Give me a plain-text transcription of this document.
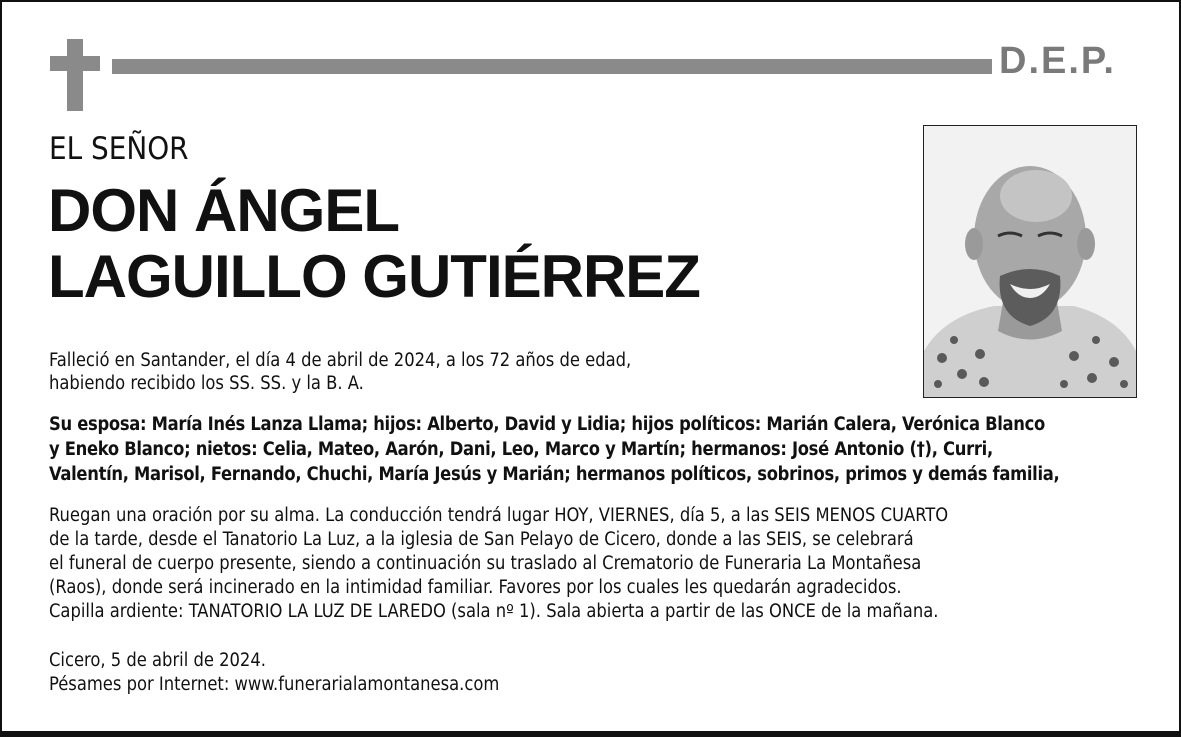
D.E.P.
EL SEÑOR
DON ÁNGEL
LAGUILLO GUTIÉRREZ
Falleció en Santander, el día 4 de abril de 2024, a los 72 años de edad,
habiendo recibido los SS. SS. y la B. A.
Su esposa: María Inés Lanza Llama; hijos: Alberto, David y Lidia; hijos políticos: Marián Calera, Verónica Blanco
y Eneko Blanco; nietos: Celia, Mateo, Aarón, Dani, Leo, Marco y Martín; hermanos: José Antonio (†), Curri,
Valentín, Marisol, Fernando, Chuchi, María Jesús y Marián; hermanos políticos, sobrinos, primos y demás familia,
Ruegan una oración por su alma. La conducción tendrá lugar HOY, VIERNES, día 5, a las SEIS MENOS CUARTO
de la tarde, desde el Tanatorio La Luz, a la iglesia de San Pelayo de Cicero, donde a las SEIS, se celebrará
el funeral de cuerpo presente, siendo a continuación su traslado al Crematorio de Funeraria La Montañesa
(Raos), donde será incinerado en la intimidad familiar. Favores por los cuales les quedarán agradecidos.
Capilla ardiente: TANATORIO LA LUZ DE LAREDO (sala nº 1). Sala abierta a partir de las ONCE de la mañana.
Cicero, 5 de abril de 2024.
Pésames por Internet: www.funerarialamontanesa.com
